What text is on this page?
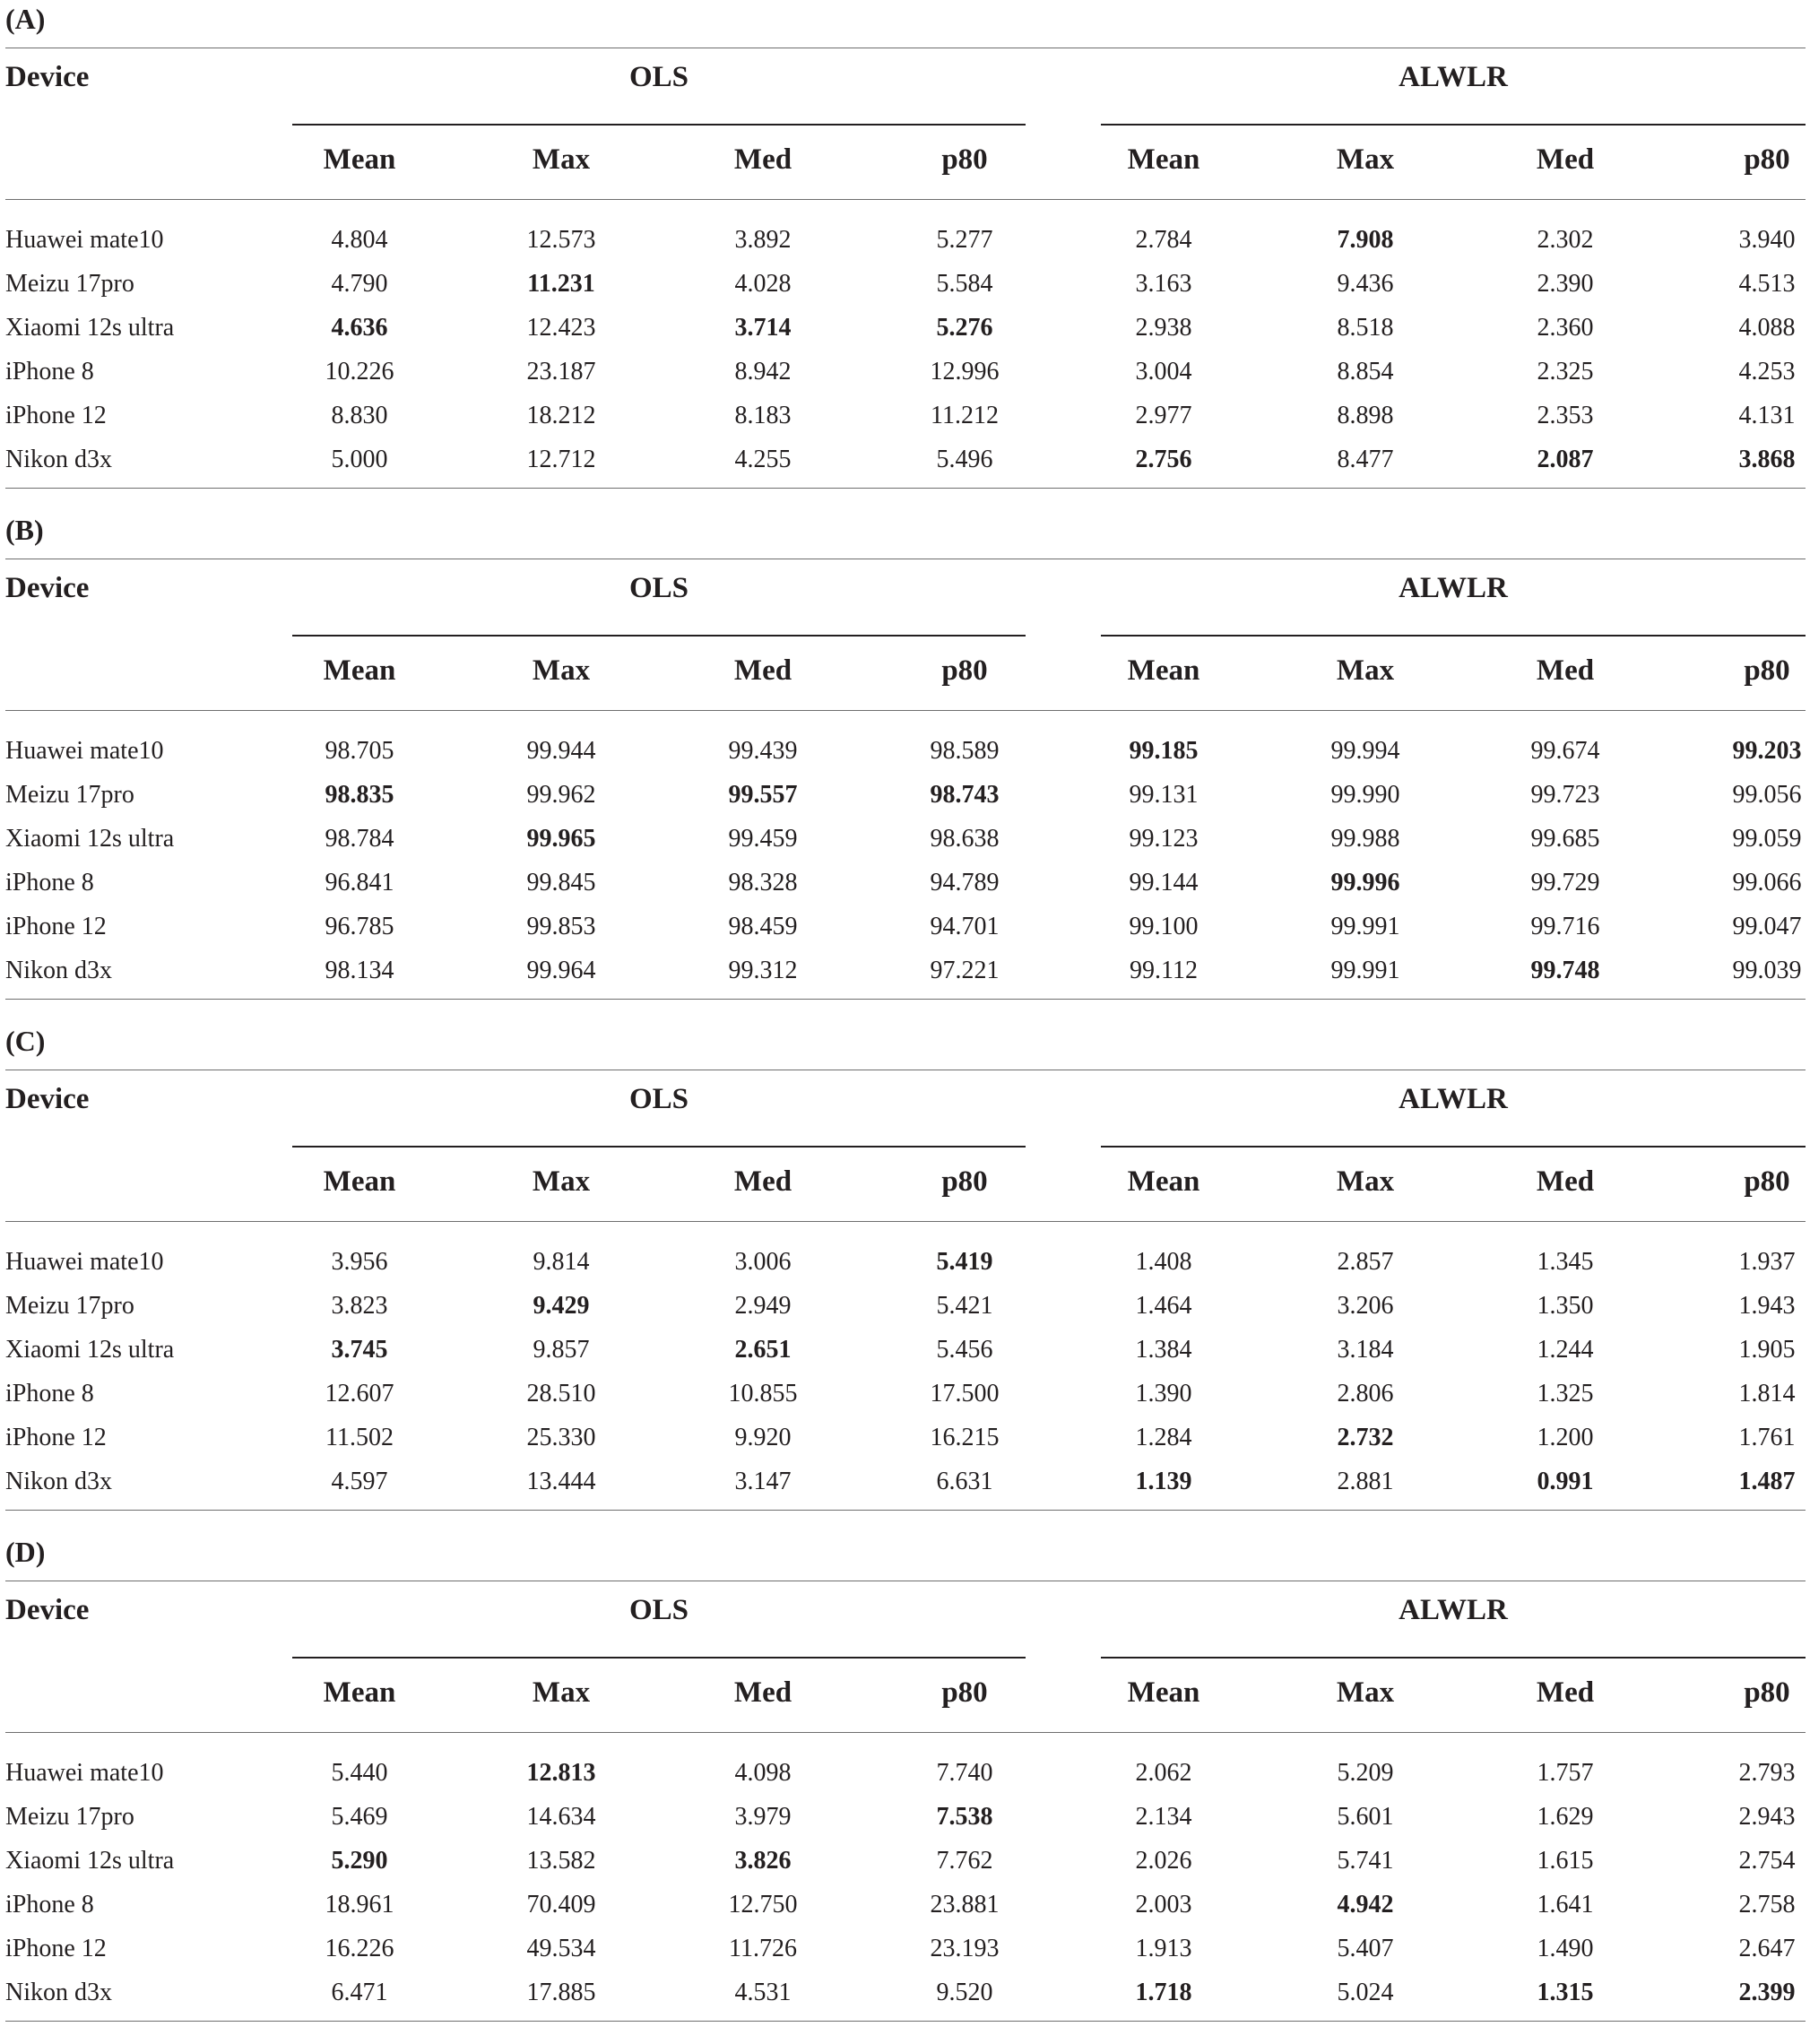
(A)
Device	OLS	ALWLR
Mean	Max	Med	p80	Mean	Max	Med	p80
Huawei mate10	4.804	12.573	3.892	5.277	2.784	7.908	2.302	3.940
Meizu 17pro	4.790	11.231	4.028	5.584	3.163	9.436	2.390	4.513
Xiaomi 12s ultra	4.636	12.423	3.714	5.276	2.938	8.518	2.360	4.088
iPhone 8	10.226	23.187	8.942	12.996	3.004	8.854	2.325	4.253
iPhone 12	8.830	18.212	8.183	11.212	2.977	8.898	2.353	4.131
Nikon d3x	5.000	12.712	4.255	5.496	2.756	8.477	2.087	3.868
(B)
Device	OLS	ALWLR
Mean	Max	Med	p80	Mean	Max	Med	p80
Huawei mate10	98.705	99.944	99.439	98.589	99.185	99.994	99.674	99.203
Meizu 17pro	98.835	99.962	99.557	98.743	99.131	99.990	99.723	99.056
Xiaomi 12s ultra	98.784	99.965	99.459	98.638	99.123	99.988	99.685	99.059
iPhone 8	96.841	99.845	98.328	94.789	99.144	99.996	99.729	99.066
iPhone 12	96.785	99.853	98.459	94.701	99.100	99.991	99.716	99.047
Nikon d3x	98.134	99.964	99.312	97.221	99.112	99.991	99.748	99.039
(C)
Device	OLS	ALWLR
Mean	Max	Med	p80	Mean	Max	Med	p80
Huawei mate10	3.956	9.814	3.006	5.419	1.408	2.857	1.345	1.937
Meizu 17pro	3.823	9.429	2.949	5.421	1.464	3.206	1.350	1.943
Xiaomi 12s ultra	3.745	9.857	2.651	5.456	1.384	3.184	1.244	1.905
iPhone 8	12.607	28.510	10.855	17.500	1.390	2.806	1.325	1.814
iPhone 12	11.502	25.330	9.920	16.215	1.284	2.732	1.200	1.761
Nikon d3x	4.597	13.444	3.147	6.631	1.139	2.881	0.991	1.487
(D)
Device	OLS	ALWLR
Mean	Max	Med	p80	Mean	Max	Med	p80
Huawei mate10	5.440	12.813	4.098	7.740	2.062	5.209	1.757	2.793
Meizu 17pro	5.469	14.634	3.979	7.538	2.134	5.601	1.629	2.943
Xiaomi 12s ultra	5.290	13.582	3.826	7.762	2.026	5.741	1.615	2.754
iPhone 8	18.961	70.409	12.750	23.881	2.003	4.942	1.641	2.758
iPhone 12	16.226	49.534	11.726	23.193	1.913	5.407	1.490	2.647
Nikon d3x	6.471	17.885	4.531	9.520	1.718	5.024	1.315	2.399
